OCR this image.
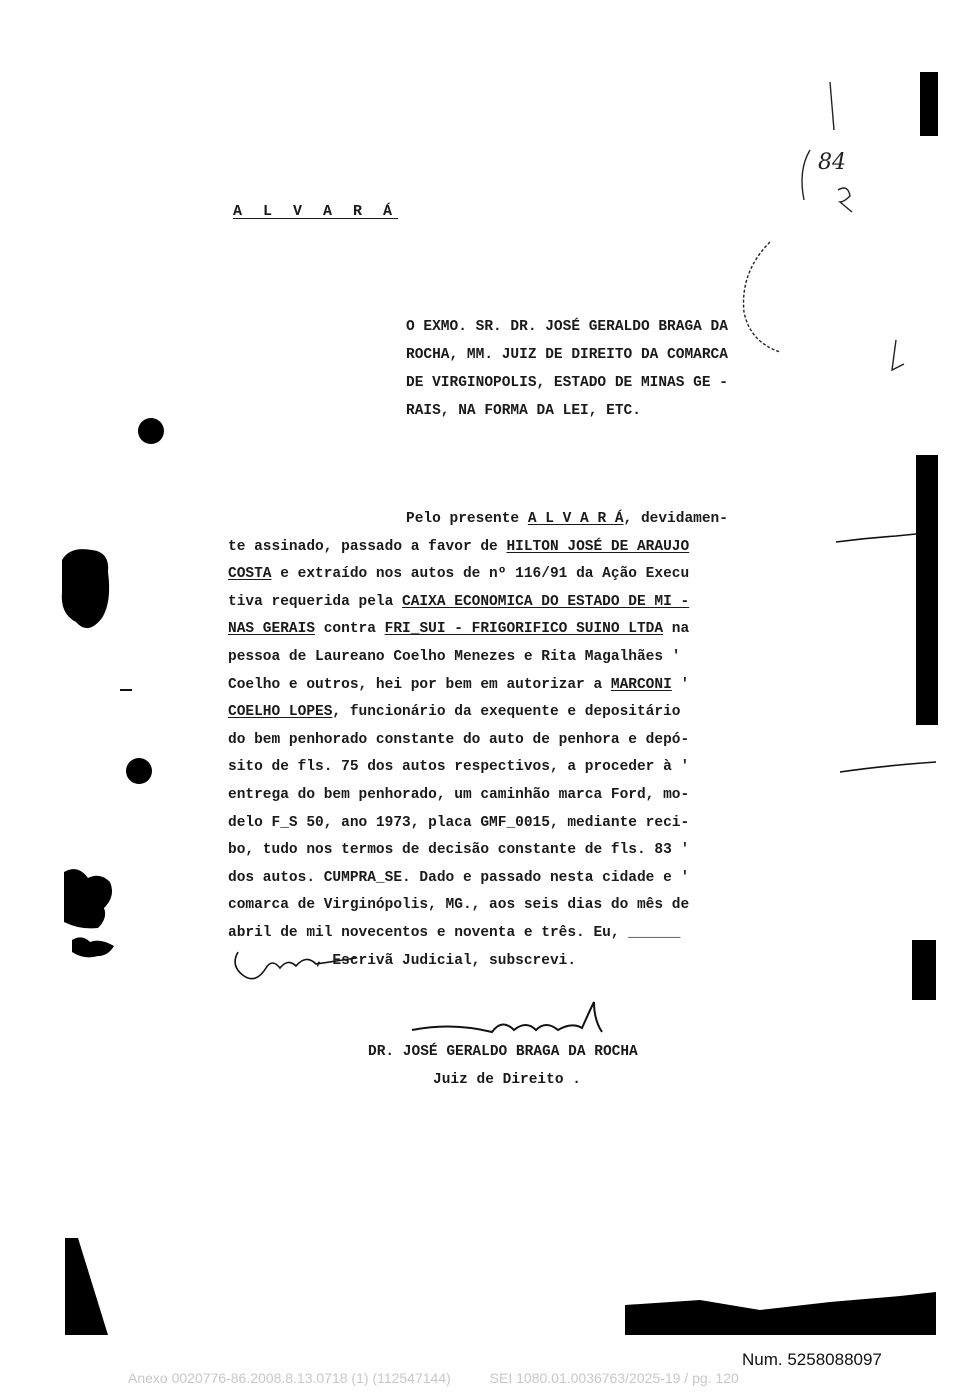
84
A L V A R Á
O EXMO. SR. DR. JOSÉ GERALDO BRAGA DA
ROCHA, MM. JUIZ DE DIREITO DA COMARCA
DE VIRGINOPOLIS, ESTADO DE MINAS GE -
RAIS, NA FORMA DA LEI, ETC.
Pelo presente A L V A R Á, devidamen-
te assinado, passado a favor de HILTON JOSÉ DE ARAUJO
COSTA e extraído nos autos de nº 116/91 da Ação Execu
tiva requerida pela CAIXA ECONOMICA DO ESTADO DE MI -
NAS GERAIS contra FRI_SUI - FRIGORIFICO SUINO LTDA na
pessoa de Laureano Coelho Menezes e Rita Magalhães '
Coelho e outros, hei por bem em autorizar a MARCONI '
COELHO LOPES, funcionário da exequente e depositário
do bem penhorado constante do auto de penhora e depó-
sito de fls. 75 dos autos respectivos, a proceder à '
entrega do bem penhorado, um caminhão marca Ford, mo-
delo F_S 50, ano 1973, placa GMF_0015, mediante reci-
bo, tudo nos termos de decisão constante de fls. 83 '
dos autos. CUMPRA_SE. Dado e passado nesta cidade e '
comarca de Virginópolis, MG., aos seis dias do mês de
abril de mil novecentos e noventa e três. Eu, ______
, Escrivã Judicial, subscrevi.
DR. JOSÉ GERALDO BRAGA DA ROCHA
Juiz de Direito .
Num. 5258088097
Anexo 0020776-86.2008.8.13.0718 (1) (112547144)          SEI 1080.01.0036763/2025-19 / pg. 120
